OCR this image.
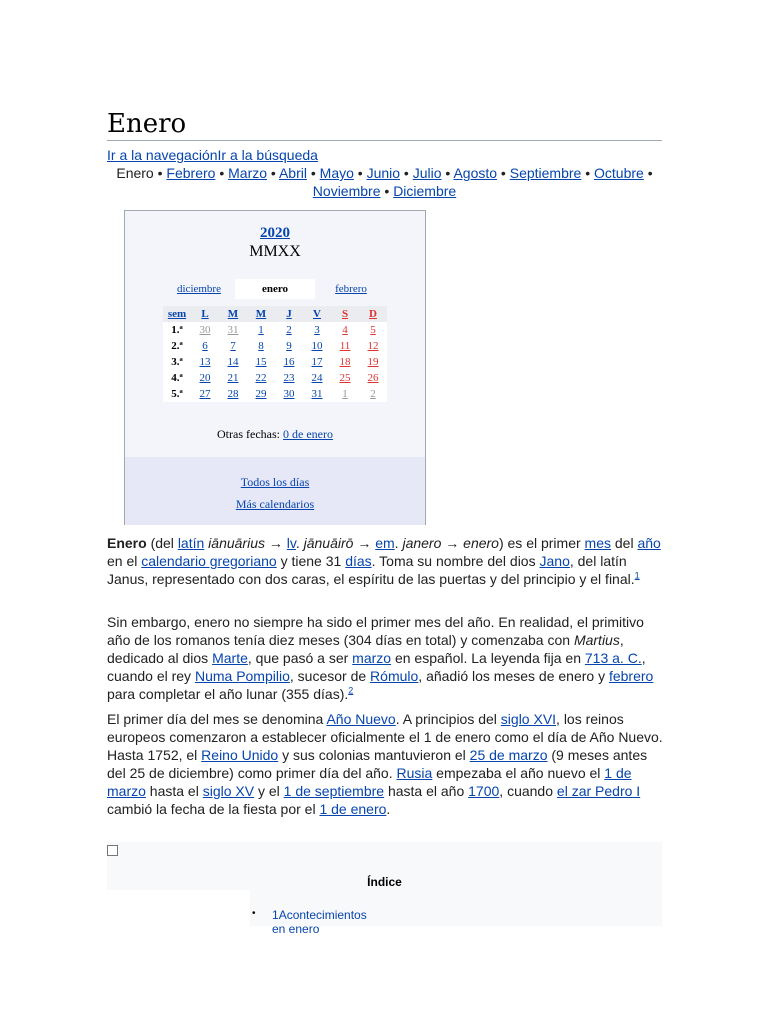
Enero
Ir a la navegaciónIr a la búsqueda
Enero • Febrero • Marzo • Abril • Mayo • Junio • Julio • Agosto • Septiembre • Octubre • Noviembre • Diciembre
2020
MMXX
diciembre	enero	febrero
sem	L	M	M	J	V	S	D
1.ª	30	31	1	2	3	4	5
2.ª	6	7	8	9	10	11	12
3.ª	13	14	15	16	17	18	19
4.ª	20	21	22	23	24	25	26
5.ª	27	28	29	30	31	1	2
Otras fechas: 0 de enero
Todos los días
Más calendarios

Enero (del latín iānuārius → lv. jānuāirō → em. janero → enero) es el primer mes del año en el calendario gregoriano y tiene 31 días. Toma su nombre del dios Jano, del latín Janus, representado con dos caras, el espíritu de las puertas y del principio y el final.$^1$

Sin embargo, enero no siempre ha sido el primer mes del año. En realidad, el primitivo año de los romanos tenía diez meses (304 días en total) y comenzaba con Martius, dedicado al dios Marte, que pasó a ser marzo en español. La leyenda fija en 713 a. C., cuando el rey Numa Pompilio, sucesor de Rómulo, añadió los meses de enero y febrero para completar el año lunar (355 días).$^2$

El primer día del mes se denomina Año Nuevo. A principios del siglo XVI, los reinos europeos comenzaron a establecer oficialmente el 1 de enero como el día de Año Nuevo. Hasta 1752, el Reino Unido y sus colonias mantuvieron el 25 de marzo (9 meses antes del 25 de diciembre) como primer día del año. Rusia empezaba el año nuevo el 1 de marzo hasta el siglo XV y el 1 de septiembre hasta el año 1700, cuando el zar Pedro I cambió la fecha de la fiesta por el 1 de enero.

Índice
• 1Acontecimientos en enero
